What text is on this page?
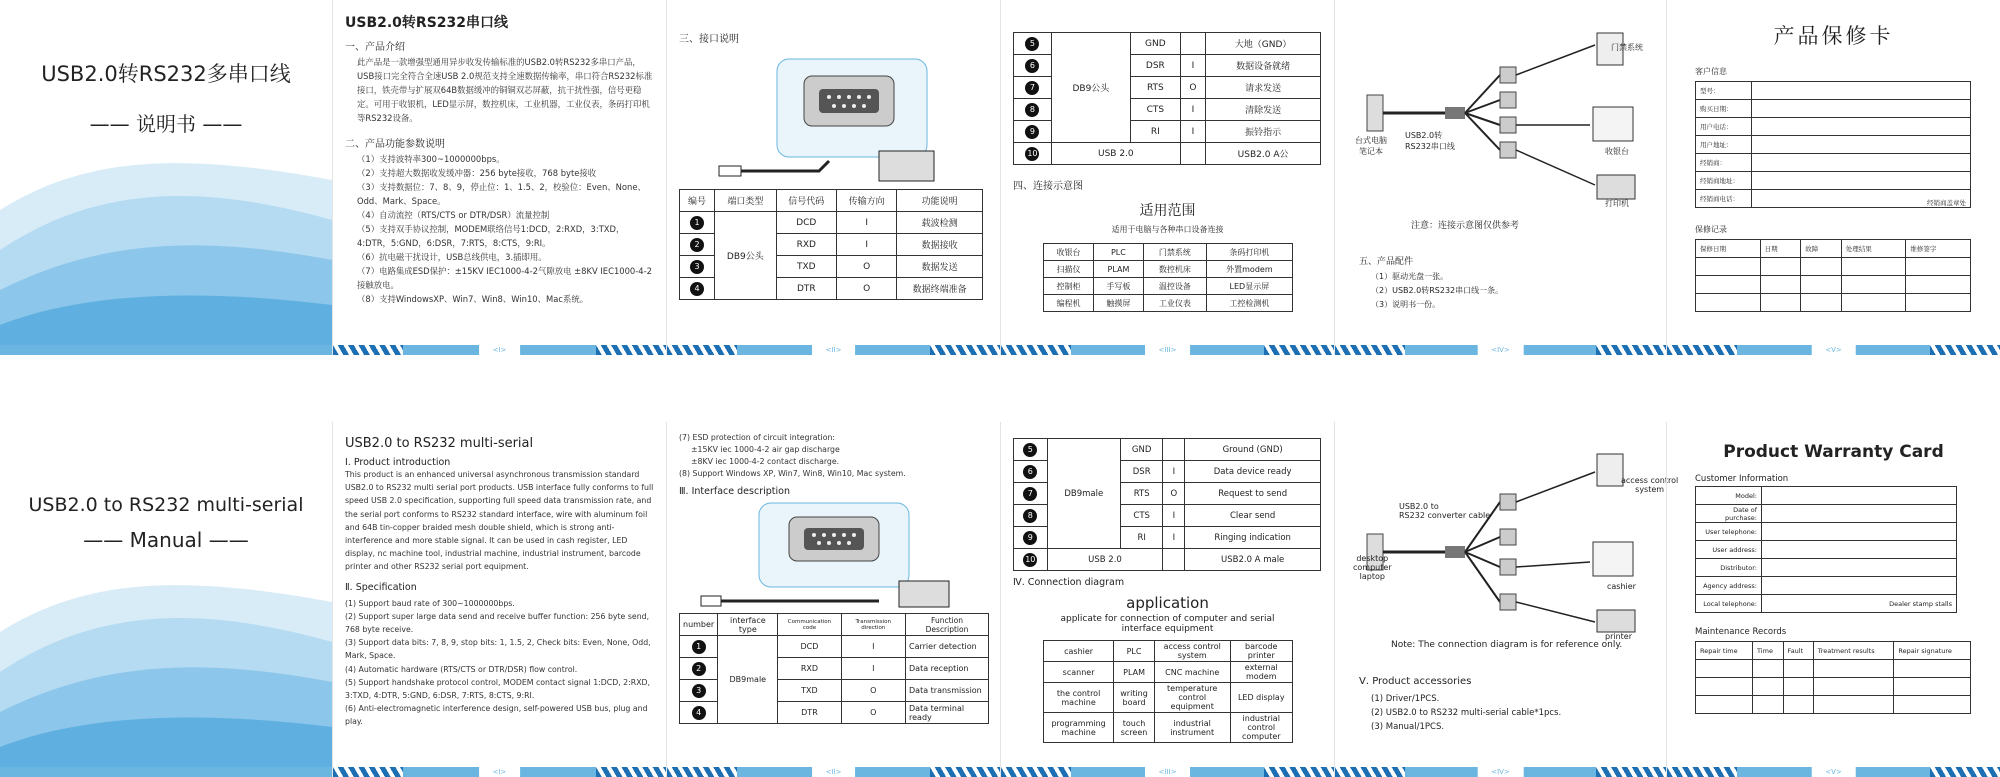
USB2.0转RS232多串口线
—— 说明书 ——
USB2.0转RS232串口线
一、产品介绍
此产品是一款增强型通用异步收发传输标准的USB2.0转RS232多串口产品，USB接口完全符合全速USB 2.0规范支持全速数据传输率，串口符合RS232标准接口，铁壳带与扩展双64B数据缓冲的铜铜双芯屏蔽，抗干扰性强，信号更稳定。可用于收银机，LED显示屏，数控机床，工业机器，工业仪表，条码打印机等RS232设备。
二、产品功能参数说明

（1）支持波特率300~1000000bps。

（2）支持超大数据收发缓冲器：256 byte接收，768 byte接收

（3）支持数据位：7、8、9，停止位：1、1.5、2，校验位：Even、None、Odd、Mark、Space。

（4）自动流控（RTS/CTS or DTR/DSR）流量控制

（5）支持双手协议控制，MODEM联络信号1:DCD，2:RXD，3:TXD，4:DTR，5:GND，6:DSR，7:RTS，8:CTS，9:RI。

（6）抗电磁干扰设计，USB总线供电，3.插即用。

（7）电路集成ESD保护：±15KV IEC1000-4-2气隙放电 ±8KV IEC1000-4-2接触放电。

（8）支持WindowsXP、Win7、Win8、Win10、Mac系统。

<I>
三、接口说明
编号	端口类型	信号代码	传输方向	功能说明
1	DB9公头	DCD	I	载波检测
2		RXD	I	数据接收
3		TXD	O	数据发送
4		DTR	O	数据终端准备
<II>
5	DB9公头	GND		大地（GND）
6		DSR	I	数据设备就绪
7		RTS	O	请求发送
8		CTS	I	清除发送
9		RI	I	振铃指示
10	USB 2.0			USB2.0 A公
四、连接示意图
适用范围
适用于电脑与各种串口设备连接
收银台	PLC	门禁系统	条码打印机
扫描仪	PLAM	数控机床	外置modem
控制柜	手写板	温控设备	LED显示屏
编程机	触摸屏	工业仪表	工控检测机
<III>
台式电脑
笔记本
USB2.0转
RS232串口线
门禁系统
收银台
打印机
注意：连接示意图仅供参考
五、产品配件

（1）驱动光盘一张。

（2）USB2.0转RS232串口线一条。

（3）说明书一份。

<IV>
产品保修卡
客户信息
型号：	
购买日期：	
用户电话：	
用户地址：	
经销商：	
经销商地址：	
经销商电话：	经销商盖章处
保修记录
保修日期	日期	故障	处理结果	维修签字

<V>
USB2.0 to RS232 multi-serial
—— Manual ——
USB2.0 to RS232 multi-serial
Ⅰ. Product introduction
This product is an enhanced universal asynchronous transmission standard USB2.0 to RS232 multi serial port products. USB interface fully conforms to full speed USB 2.0 specification, supporting full speed data transmission rate, and the serial port conforms to RS232 standard interface, wire with aluminum foil and 64B tin-copper braided mesh double shield, which is strong anti-interference and more stable signal. It can be used in cash register, LED display, nc machine tool, industrial machine, industrial instrument, barcode printer and other RS232 serial port equipment.
Ⅱ. Specification

(1) Support baud rate of 300~1000000bps.

(2) Support super large data send and receive buffer function: 256 byte send, 768 byte receive.

(3) Support data bits: 7, 8, 9, stop bits: 1, 1.5, 2, Check bits: Even, None, Odd, Mark, Space.

(4) Automatic hardware (RTS/CTS or DTR/DSR) flow control.

(5) Support handshake protocol control, MODEM contact signal 1:DCD, 2:RXD, 3:TXD, 4:DTR, 5:GND, 6:DSR, 7:RTS, 8:CTS, 9:RI.

(6) Anti-electromagnetic interference design, self-powered USB bus, plug and play.

<I>

(7) ESD protection of circuit integration:

±15KV iec 1000-4-2 air gap discharge

±8KV iec 1000-4-2 contact discharge.

(8) Support Windows XP, Win7, Win8, Win10, Mac system.

Ⅲ. Interface description
number	interface type	Communication code	Transmission direction	Function Description
1	DB9male	DCD	I	Carrier detection
2		RXD	I	Data reception
3		TXD	O	Data transmission
4		DTR	O	Data terminal ready
<II>
5	DB9male	GND		Ground (GND)
6		DSR	I	Data device ready
7		RTS	O	Request to send
8		CTS	I	Clear send
9		RI	I	Ringing indication
10	USB 2.0			USB2.0 A male
Ⅳ. Connection diagram
application
applicate for connection of computer and serial interface equipment
cashier	PLC	access control system	barcode printer
scanner	PLAM	CNC machine	external modem
the control machine	writing board	temperature control equipment	LED display
programming machine	touch screen	industrial instrument	industrial control computer
<III>
desktop
computer
laptop
USB2.0 to
RS232 converter cable
access control
system
cashier
printer
Note: The connection diagram is for reference only.
Ⅴ. Product accessories

(1) Driver/1PCS.

(2) USB2.0 to RS232 multi-serial cable*1pcs.

(3) Manual/1PCS.

<IV>
Product Warranty Card
Customer Information
Model:	
Date of purchase:	
User telephone:	
User address:	
Distributor:	
Agency address:	
Local telephone:	Dealer stamp stalls
Maintenance Records
Repair time	Time	Fault	Treatment results	Repair signature

<V>
